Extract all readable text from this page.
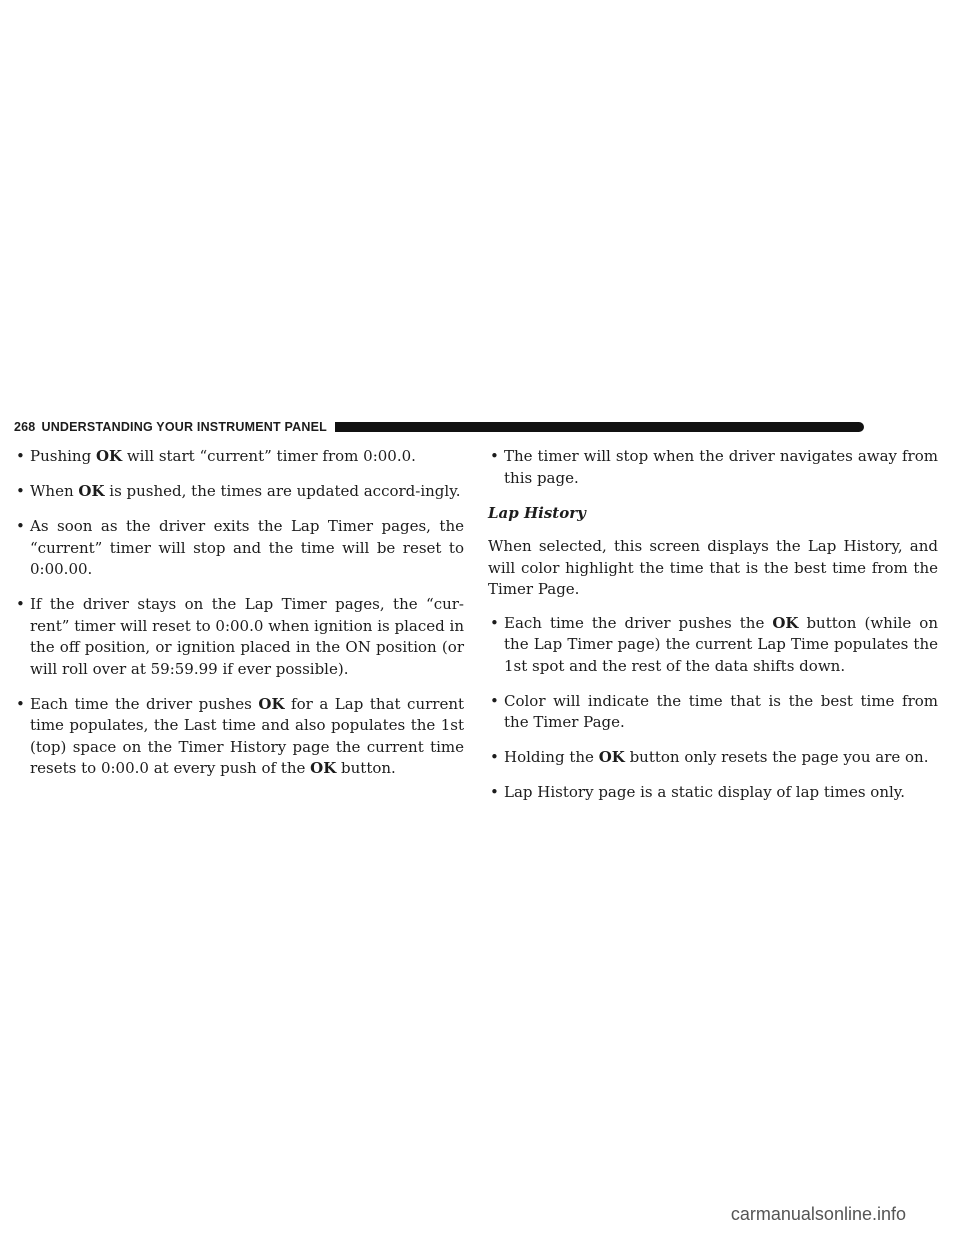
268 UNDERSTANDING YOUR INSTRUMENT PANEL
• Pushing OK will start “current” timer from 0:00.0.
• When OK is pushed, the times are updated accord-ingly.
• As soon as the driver exits the Lap Timer pages, the “current” timer will stop and the time will be reset to 0:00.00.
• If the driver stays on the Lap Timer pages, the “cur-rent” timer will reset to 0:00.0 when ignition is placed in the off position, or ignition placed in the ON position (or will roll over at 59:59.99 if ever possible).
• Each time the driver pushes OK for a Lap that current time populates, the Last time and also populates the 1st (top) space on the Timer History page the current time resets to 0:00.0 at every push of the OK button.
• The timer will stop when the driver navigates away from this page.
Lap History
When selected, this screen displays the Lap History, and will color highlight the time that is the best time from the Timer Page.
• Each time the driver pushes the OK button (while on the Lap Timer page) the current Lap Time populates the 1st spot and the rest of the data shifts down.
• Color will indicate the time that is the best time from the Timer Page.
• Holding the OK button only resets the page you are on.
• Lap History page is a static display of lap times only.
carmanualsonline.info
